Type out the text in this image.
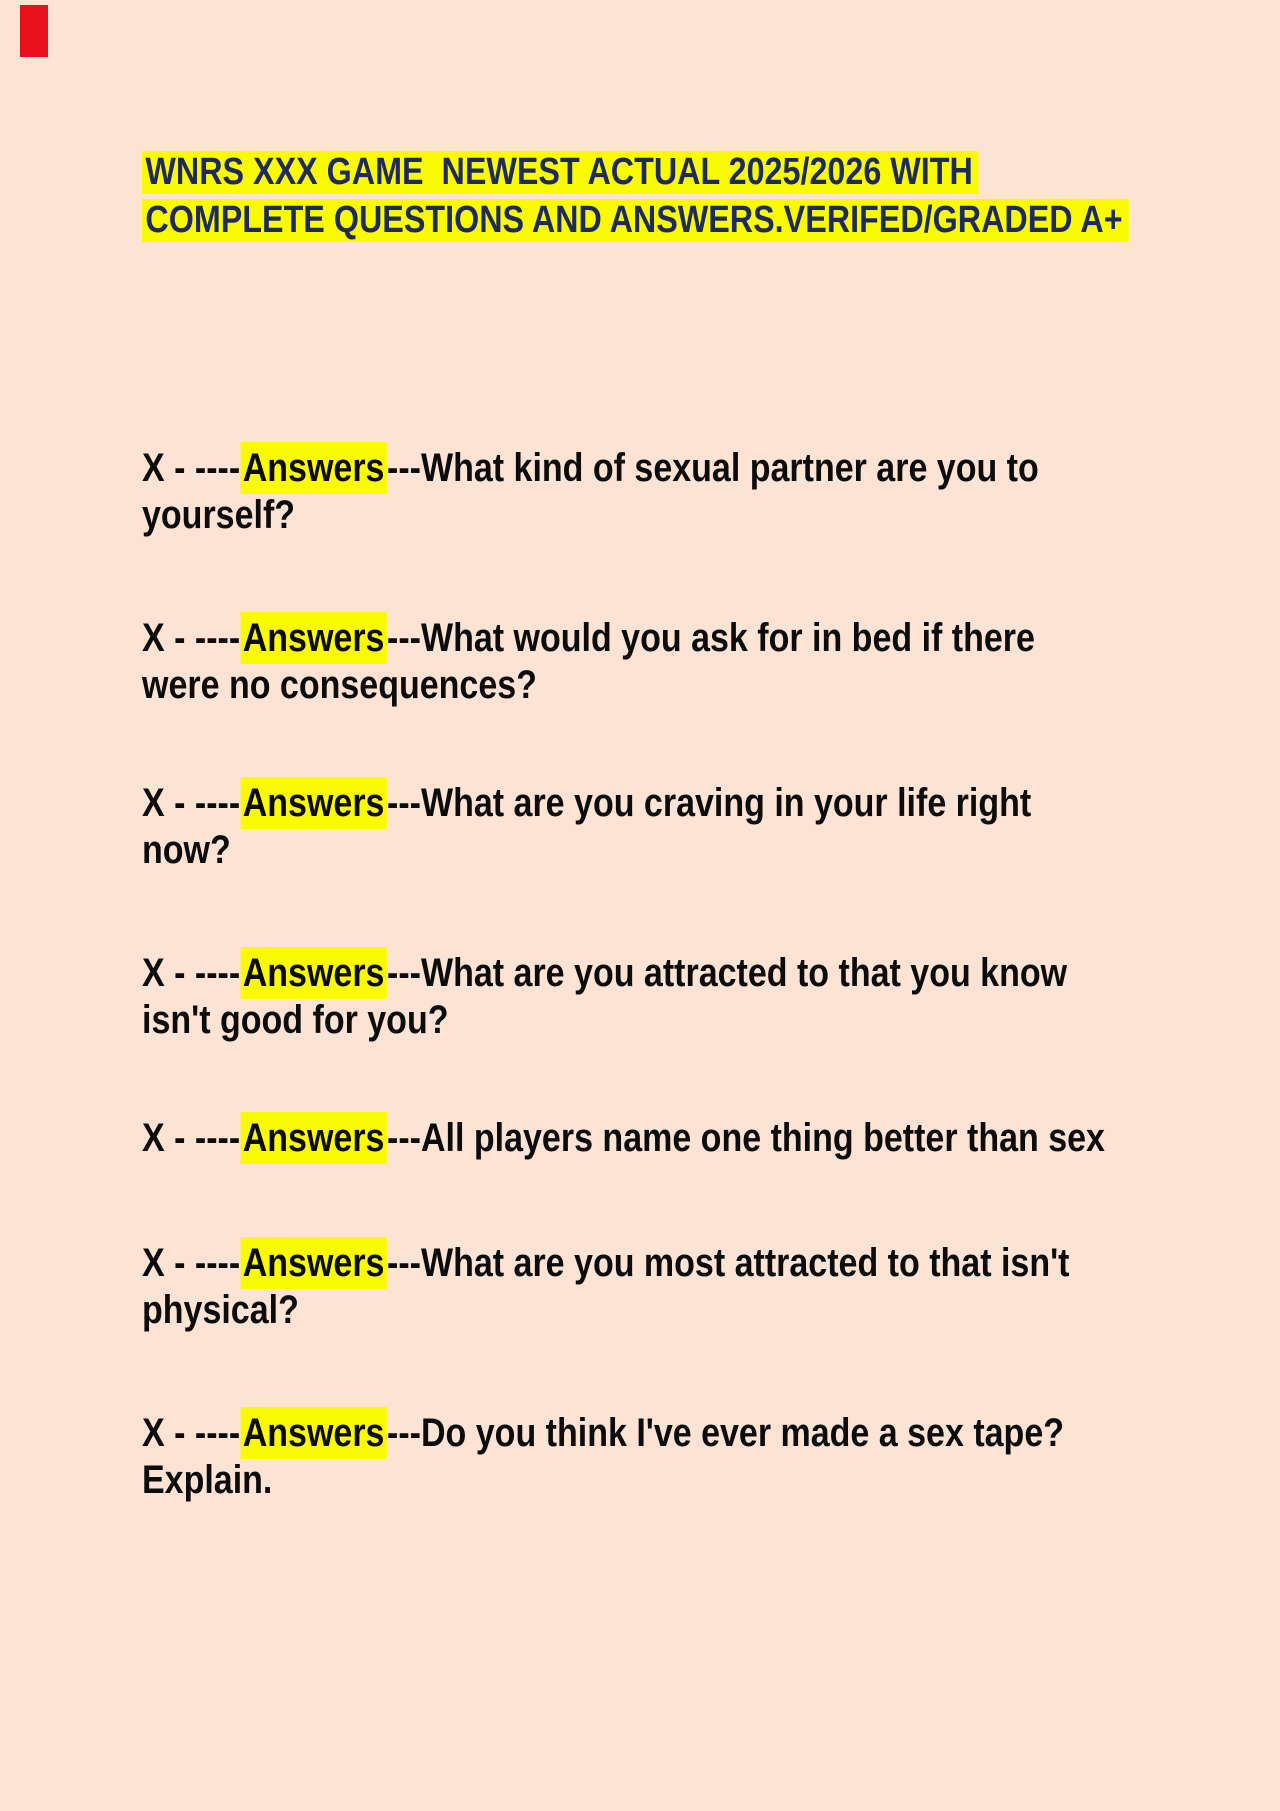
WNRS XXX GAME  NEWEST ACTUAL 2025/2026 WITH
COMPLETE QUESTIONS AND ANSWERS.VERIFED/GRADED A+
X - ----Answers---What kind of sexual partner are you to
yourself?
X - ----Answers---What would you ask for in bed if there
were no consequences?
X - ----Answers---What are you craving in your life right
now?
X - ----Answers---What are you attracted to that you know
isn't good for you?
X - ----Answers---All players name one thing better than sex
X - ----Answers---What are you most attracted to that isn't
physical?
X - ----Answers---Do you think I've ever made a sex tape?
Explain.
